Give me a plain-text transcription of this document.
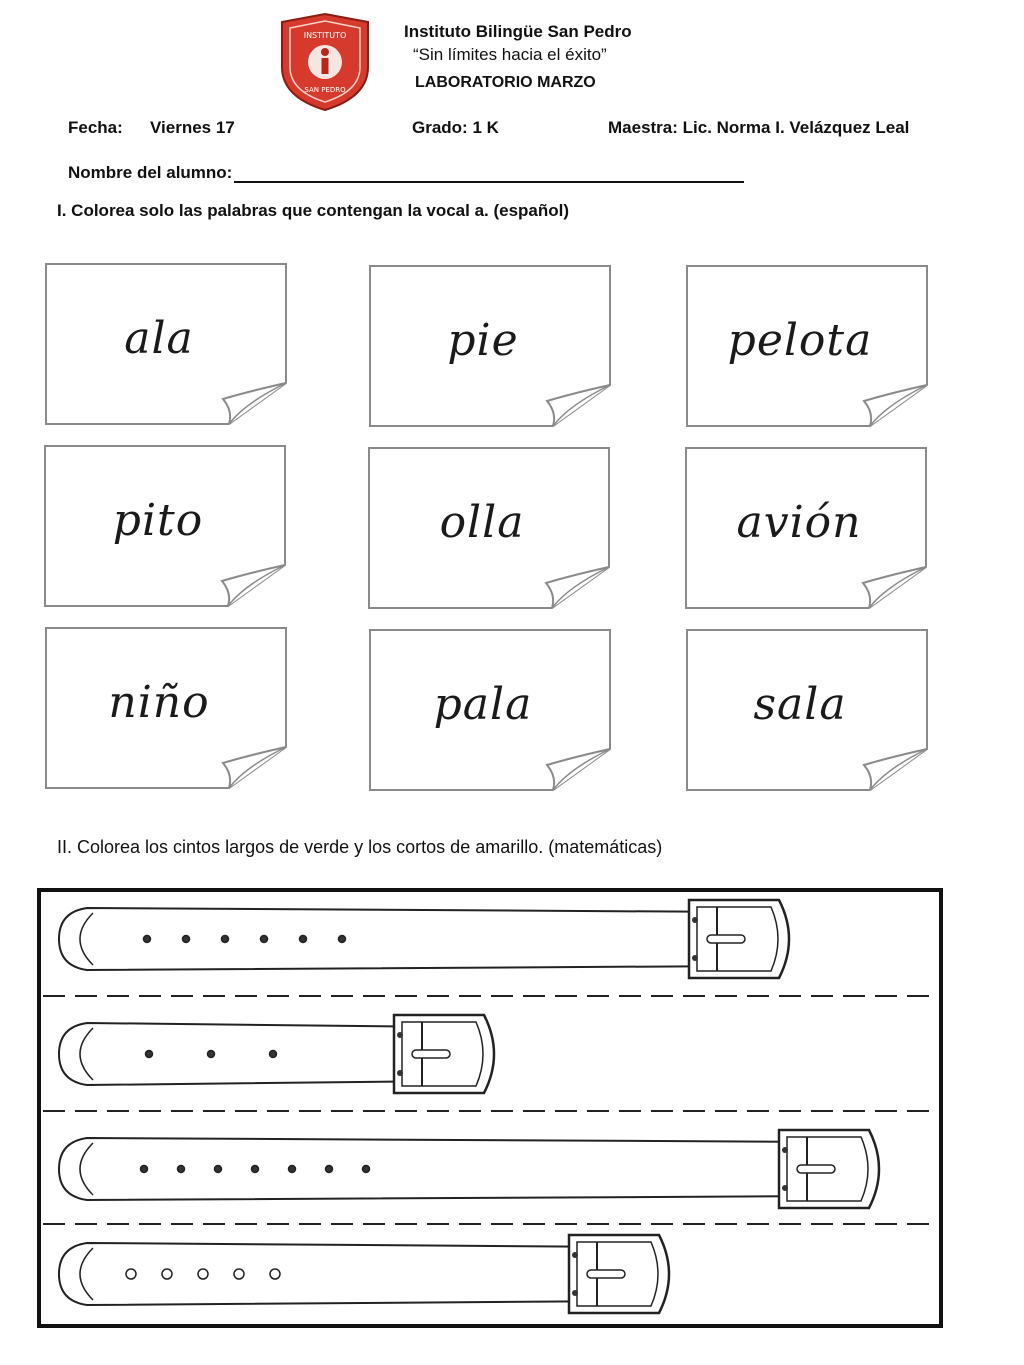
INSTITUTO
SAN PEDRO
Instituto Bilingüe San Pedro
“Sin límites hacia el éxito”
LABORATORIO MARZO
Fecha: Viernes 17	Grado: 1 K	Maestra: Lic. Norma I. Velázquez Leal
Nombre del alumno:
I. Colorea solo las palabras que contengan la vocal a. (español)
ala	pie	pelota
pito	olla	avión
niño	pala	sala
II. Colorea los cintos largos de verde y los cortos de amarillo. (matemáticas)
